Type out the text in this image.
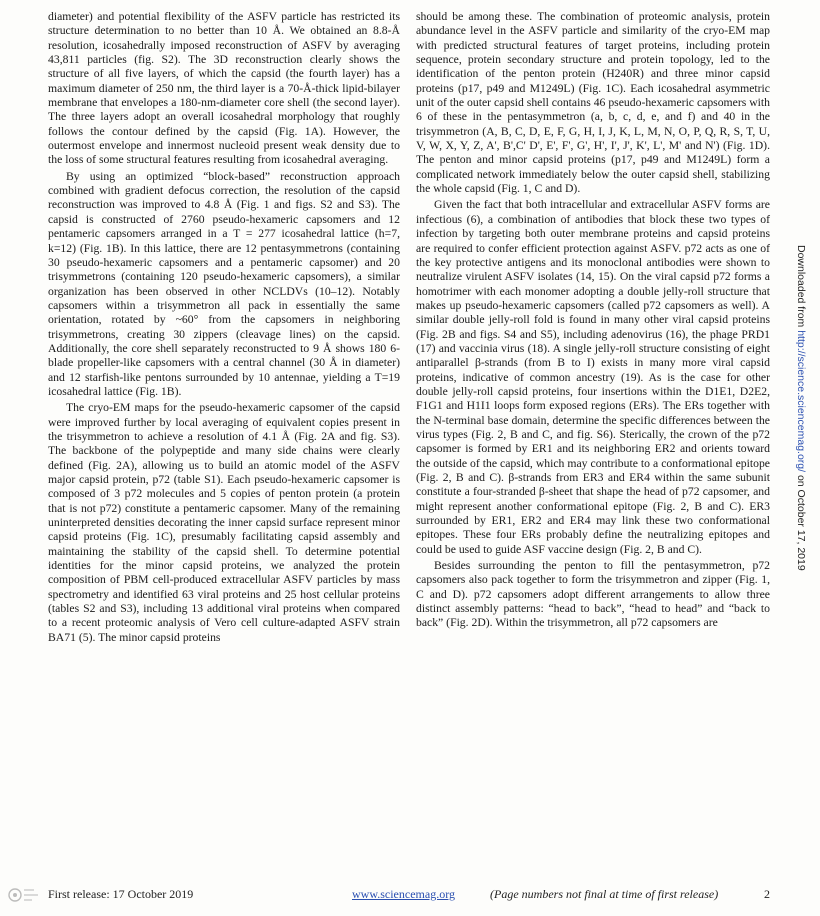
diameter) and potential flexibility of the ASFV particle has restricted its structure determination to no better than 10 Å. We obtained an 8.8-Å resolution, icosahedrally imposed reconstruction of ASFV by averaging 43,811 particles (fig. S2). The 3D reconstruction clearly shows the structure of all five layers, of which the capsid (the fourth layer) has a maximum diameter of 250 nm, the third layer is a 70-Å-thick lipid-bilayer membrane that envelopes a 180-nm-diameter core shell (the second layer). The three layers adopt an overall icosahedral morphology that roughly follows the contour defined by the capsid (Fig. 1A). However, the outermost envelope and innermost nucleoid present weak density due to the loss of some structural features resulting from icosahedral averaging.

By using an optimized “block-based” reconstruction approach combined with gradient defocus correction, the resolution of the capsid reconstruction was improved to 4.8 Å (Fig. 1 and figs. S2 and S3). The capsid is constructed of 2760 pseudo-hexameric capsomers and 12 pentameric capsomers arranged in a T = 277 icosahedral lattice (h=7, k=12) (Fig. 1B). In this lattice, there are 12 pentasymmetrons (containing 30 pseudo-hexameric capsomers and a pentameric capsomer) and 20 trisymmetrons (containing 120 pseudo-hexameric capsomers), a similar organization has been observed in other NCLDVs (10–12). Notably capsomers within a trisymmetron all pack in essentially the same orientation, rotated by ~60° from the capsomers in neighboring trisymmetrons, creating 30 zippers (cleavage lines) on the capsid. Additionally, the core shell separately reconstructed to 9 Å shows 180 6-blade propeller-like capsomers with a central channel (30 Å in diameter) and 12 starfish-like pentons surrounded by 10 antennae, yielding a T=19 icosahedral lattice (Fig. 1B).

The cryo-EM maps for the pseudo-hexameric capsomer of the capsid were improved further by local averaging of equivalent copies present in the trisymmetron to achieve a resolution of 4.1 Å (Fig. 2A and fig. S3). The backbone of the polypeptide and many side chains were clearly defined (Fig. 2A), allowing us to build an atomic model of the ASFV major capsid protein, p72 (table S1). Each pseudo-hexameric capsomer is composed of 3 p72 molecules and 5 copies of penton protein (a protein that is not p72) constitute a pentameric capsomer. Many of the remaining uninterpreted densities decorating the inner capsid surface represent minor capsid proteins (Fig. 1C), presumably facilitating capsid assembly and maintaining the stability of the capsid shell. To determine potential identities for the minor capsid proteins, we analyzed the protein composition of PBM cell-produced extracellular ASFV particles by mass spectrometry and identified 63 viral proteins and 25 host cellular proteins (tables S2 and S3), including 13 additional viral proteins when compared to a recent proteomic analysis of Vero cell culture-adapted ASFV strain BA71 (5). The minor capsid proteins

should be among these. The combination of proteomic analysis, protein abundance level in the ASFV particle and similarity of the cryo-EM map with predicted structural features of target proteins, including protein sequence, protein secondary structure and protein topology, led to the identification of the penton protein (H240R) and three minor capsid proteins (p17, p49 and M1249L) (Fig. 1C). Each icosahedral asymmetric unit of the outer capsid shell contains 46 pseudo-hexameric capsomers with 6 of these in the pentasymmetron (a, b, c, d, e, and f) and 40 in the trisymmetron (A, B, C, D, E, F, G, H, I, J, K, L, M, N, O, P, Q, R, S, T, U, V, W, X, Y, Z, A', B',C' D', E', F', G', H', I', J', K', L', M' and N') (Fig. 1D). The penton and minor capsid proteins (p17, p49 and M1249L) form a complicated network immediately below the outer capsid shell, stabilizing the whole capsid (Fig. 1, C and D).

Given the fact that both intracellular and extracellular ASFV forms are infectious (6), a combination of antibodies that block these two types of infection by targeting both outer membrane proteins and capsid proteins are required to confer efficient protection against ASFV. p72 acts as one of the key protective antigens and its monoclonal antibodies were shown to neutralize virulent ASFV isolates (14, 15). On the viral capsid p72 forms a homotrimer with each monomer adopting a double jelly-roll structure that makes up pseudo-hexameric capsomers (called p72 capsomers as well). A similar double jelly-roll fold is found in many other viral capsid proteins (Fig. 2B and figs. S4 and S5), including adenovirus (16), the phage PRD1 (17) and vaccinia virus (18). A single jelly-roll structure consisting of eight antiparallel β-strands (from B to I) exists in many more viral capsid proteins, indicative of common ancestry (19). As is the case for other double jelly-roll capsid proteins, four insertions within the D1E1, D2E2, F1G1 and H1I1 loops form exposed regions (ERs). The ERs together with the N-terminal base domain, determine the specific differences between the virus types (Fig. 2, B and C, and fig. S6). Sterically, the crown of the p72 capsomer is formed by ER1 and its neighboring ER2 and orients toward the outside of the capsid, which may contribute to a conformational epitope (Fig. 2, B and C). β-strands from ER3 and ER4 within the same subunit constitute a four-stranded β-sheet that shape the head of p72 capsomer, and might represent another conformational epitope (Fig. 2, B and C). ER3 surrounded by ER1, ER2 and ER4 may link these two conformational epitopes. These four ERs probably define the neutralizing epitopes and could be used to guide ASF vaccine design (Fig. 2, B and C).

Besides surrounding the penton to fill the pentasymmetron, p72 capsomers also pack together to form the trisymmetron and zipper (Fig. 1, C and D). p72 capsomers adopt different arrangements to allow three distinct assembly patterns: “head to back”, “head to head” and “back to back” (Fig. 2D). Within the trisymmetron, all p72 capsomers are

Downloaded from http://science.sciencemag.org/ on October 17, 2019
First release: 17 October 2019	www.sciencemag.org	(Page numbers not final at time of first release)	2
